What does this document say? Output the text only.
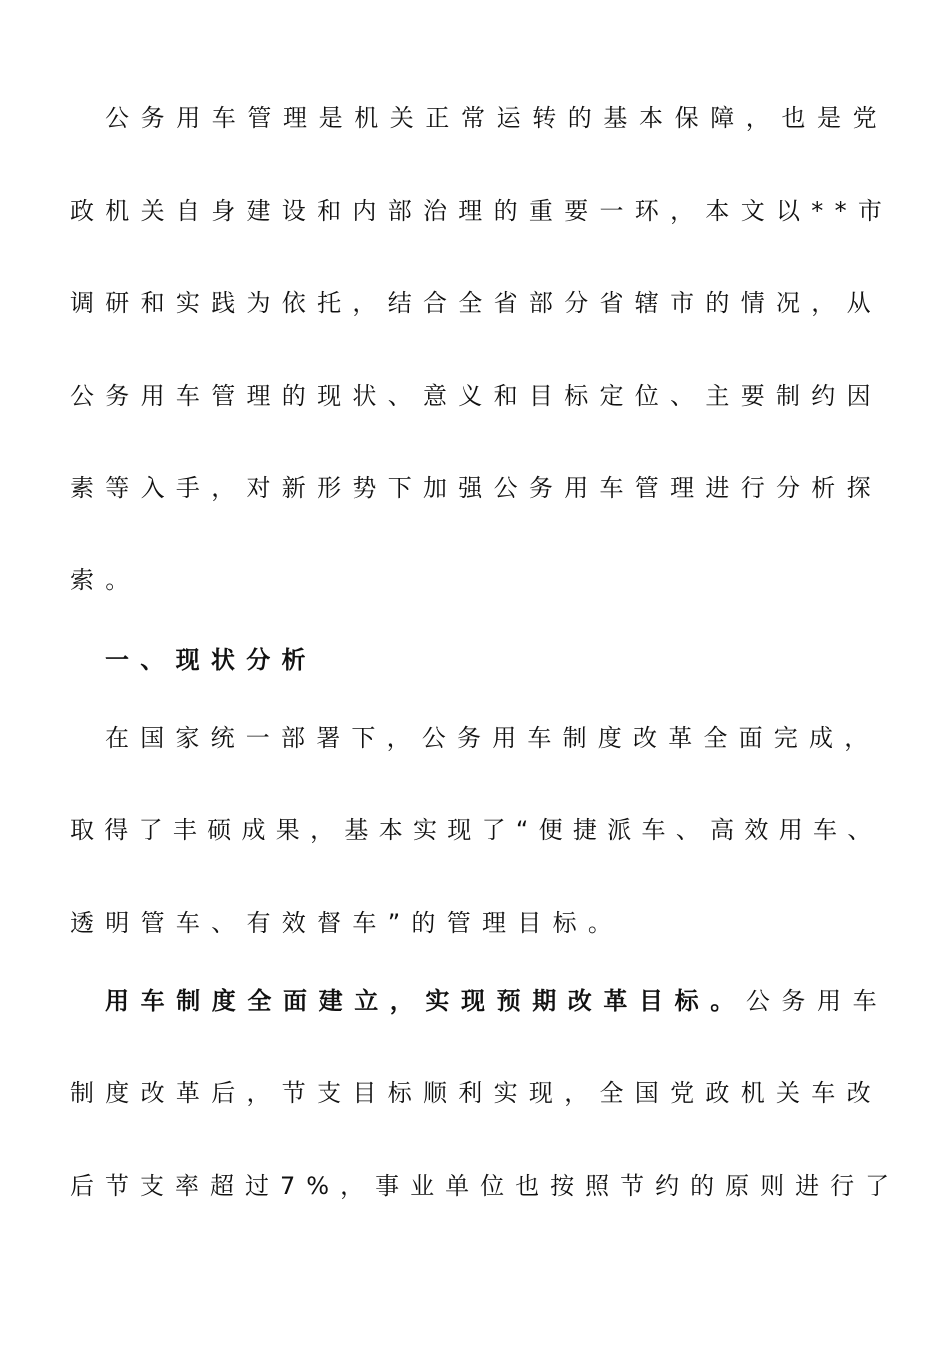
公务用车管理是机关正常运转的基本保障，也是党
政机关自身建设和内部治理的重要一环，本文以**市
调研和实践为依托，结合全省部分省辖市的情况，从
公务用车管理的现状、意义和目标定位、主要制约因
素等入手，对新形势下加强公务用车管理进行分析探
索。
一、现状分析
在国家统一部署下，公务用车制度改革全面完成，
取得了丰硕成果，基本实现了“便捷派车、高效用车、
透明管车、有效督车”的管理目标。
用车制度全面建立，实现预期改革目标。公务用车
制度改革后，节支目标顺利实现，全国党政机关车改
后节支率超过7%，事业单位也按照节约的原则进行了
